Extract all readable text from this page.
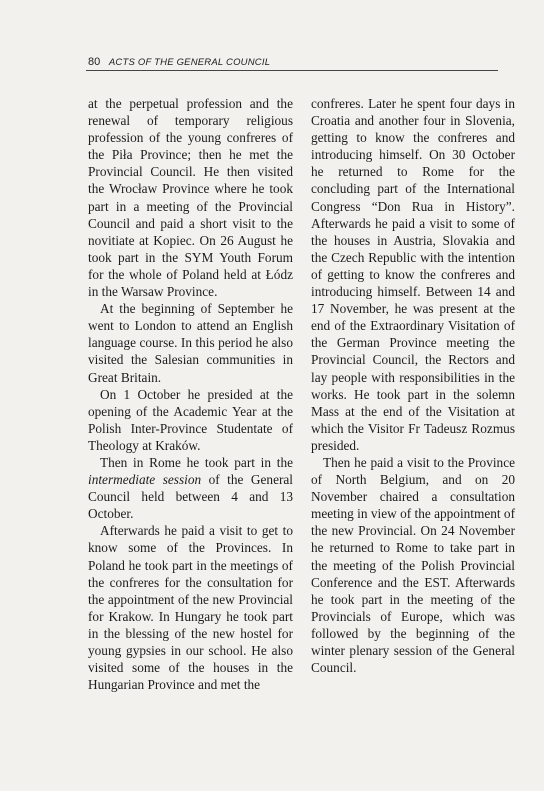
80 ACTS OF THE GENERAL COUNCIL

at the perpetual profession and the renewal of temporary religious profession of the young confreres of the Piła Province; then he met the Provincial Council. He then visited the Wrocław Province where he took part in a meeting of the Provincial Council and paid a short visit to the novitiate at Kopiec. On 26 August he took part in the SYM Youth Forum for the whole of Poland held at Łódz in the Warsaw Province.

At the beginning of September he went to London to attend an English language course. In this period he also visited the Salesian communities in Great Britain.

On 1 October he presided at the opening of the Academic Year at the Polish Inter-Province Studentate of Theology at Kraków.

Then in Rome he took part in the intermediate session of the General Council held between 4 and 13 October.

Afterwards he paid a visit to get to know some of the Provinces. In Poland he took part in the meetings of the confreres for the consultation for the appointment of the new Provincial for Krakow. In Hungary he took part in the blessing of the new hostel for young gypsies in our school. He also visited some of the houses in the Hungarian Province and met the

confreres. Later he spent four days in Croatia and another four in Slovenia, getting to know the confreres and introducing himself. On 30 October he returned to Rome for the concluding part of the International Congress “Don Rua in History”. Afterwards he paid a visit to some of the houses in Austria, Slovakia and the Czech Republic with the intention of getting to know the confreres and introducing himself. Between 14 and 17 November, he was present at the end of the Extraordinary Visitation of the German Province meeting the Provincial Council, the Rectors and lay people with responsibilities in the works. He took part in the solemn Mass at the end of the Visitation at which the Visitor Fr Tadeusz Rozmus presided.

Then he paid a visit to the Province of North Belgium, and on 20 November chaired a consultation meeting in view of the appointment of the new Provincial. On 24 November he returned to Rome to take part in the meeting of the Polish Provincial Conference and the EST. Afterwards he took part in the meeting of the Provincials of Europe, which was followed by the beginning of the winter plenary session of the General Council.
